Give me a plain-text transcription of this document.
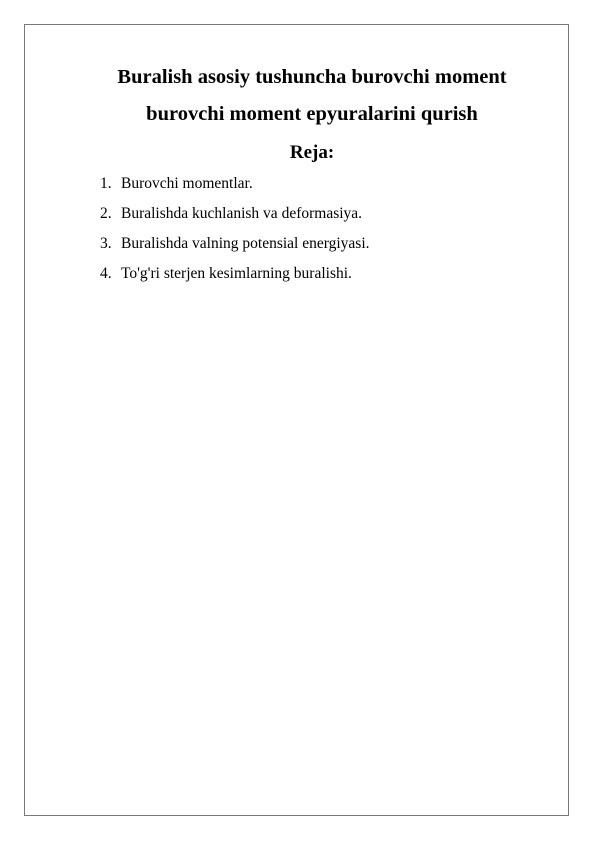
Buralish asosiy tushuncha burovchi moment
burovchi moment epyuralarini qurish
Reja:
1. Burovchi momentlar.
2. Buralishda kuchlanish va deformasiya.
3. Buralishda valning potensial energiyasi.
4. To'g'ri sterjen kesimlarning buralishi.
